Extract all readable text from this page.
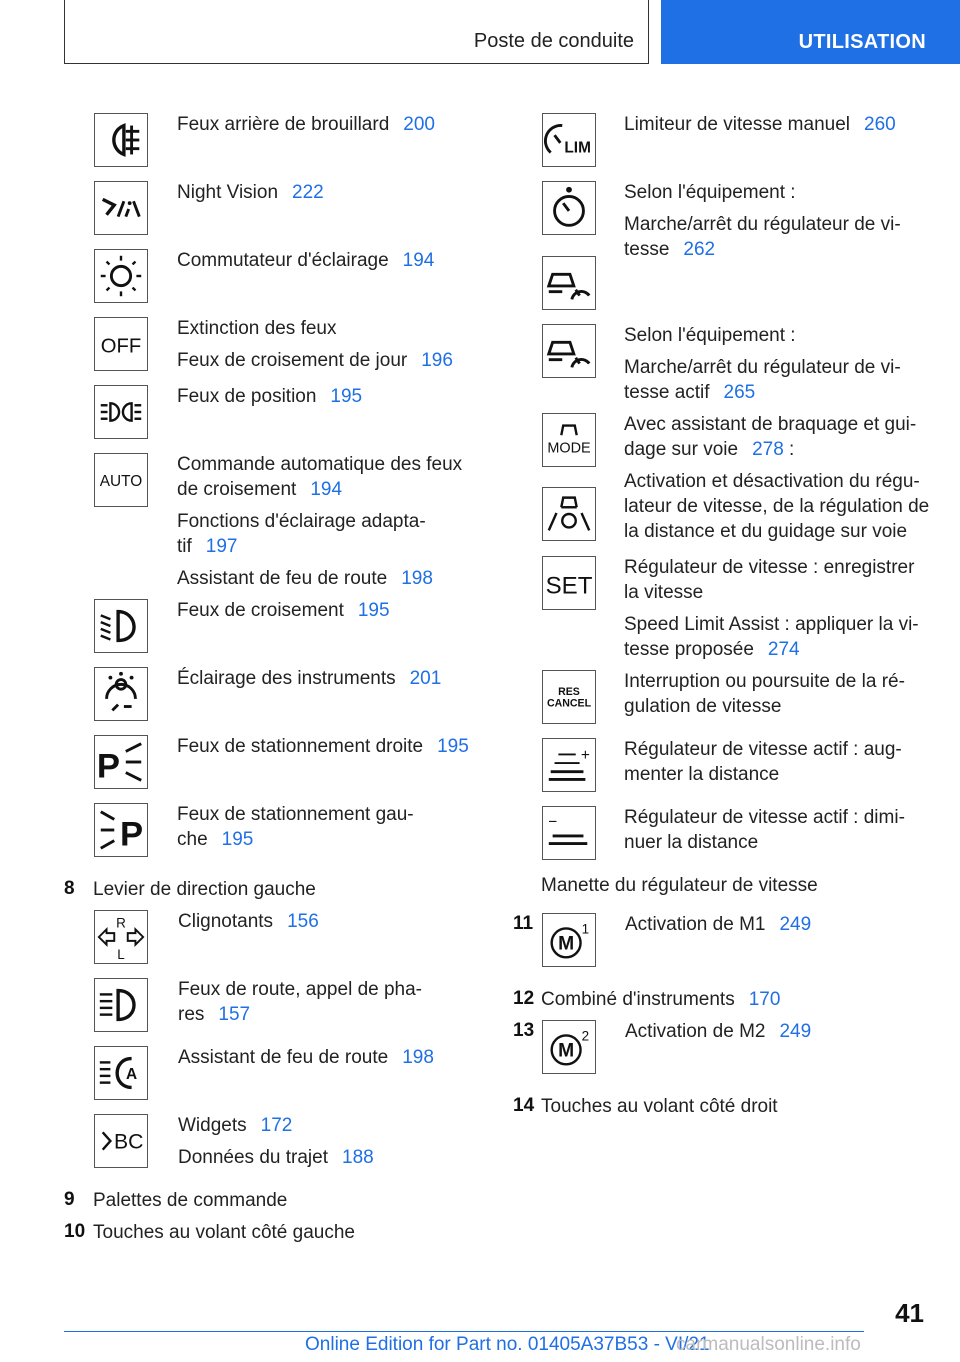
Poste de conduite	UTILISATION
Feux arrière de brouillard 200
Night Vision 222
Commutateur d'éclairage 194
OFF

Extinction des feux

Feux de croisement de jour 196

Feux de position 195
AUTO

Commande automatique des feux

de croisement 194

Fonctions d'éclairage adapta-

tif 197

Assistant de feu de route 198

Feux de croisement 195
Éclairage des instruments 201
P
Feux de stationnement droite 195
P

Feux de stationnement gau-

che 195

8 Levier de direction gauche
R
L
Clignotants 156

Feux de route, appel de pha-

res 157

A
Assistant de feu de route 198
BC

Widgets 172

Données du trajet 188

9 Palettes de commande
10 Touches au volant côté gauche
LIM
Limiteur de vitesse manuel 260

Selon l'équipement :

Marche/arrêt du régulateur de vi-

tesse 262

Selon l'équipement :

Marche/arrêt du régulateur de vi-

tesse actif 265

MODE

Avec assistant de braquage et gui-

dage sur voie 278 :

Activation et désactivation du régu-

lateur de vitesse, de la régulation de

la distance et du guidage sur voie

SET

Régulateur de vitesse : enregistrer

la vitesse

Speed Limit Assist : appliquer la vi-

tesse proposée 274

RES
CANCEL

Interruption ou poursuite de la ré-

gulation de vitesse

+ Régulateur de vitesse actif : aug-

menter la distance

−	Régulateur de vitesse actif : dimi-

nuer la distance

Manette du régulateur de vitesse
11
M
1 Activation de M1 249
12 Combiné d'instruments 170
13
M
2 Activation de M2 249
14 Touches au volant côté droit
41
Online Edition for Part no. 01405A37B53 - VI/21
carmanualsonline.info
